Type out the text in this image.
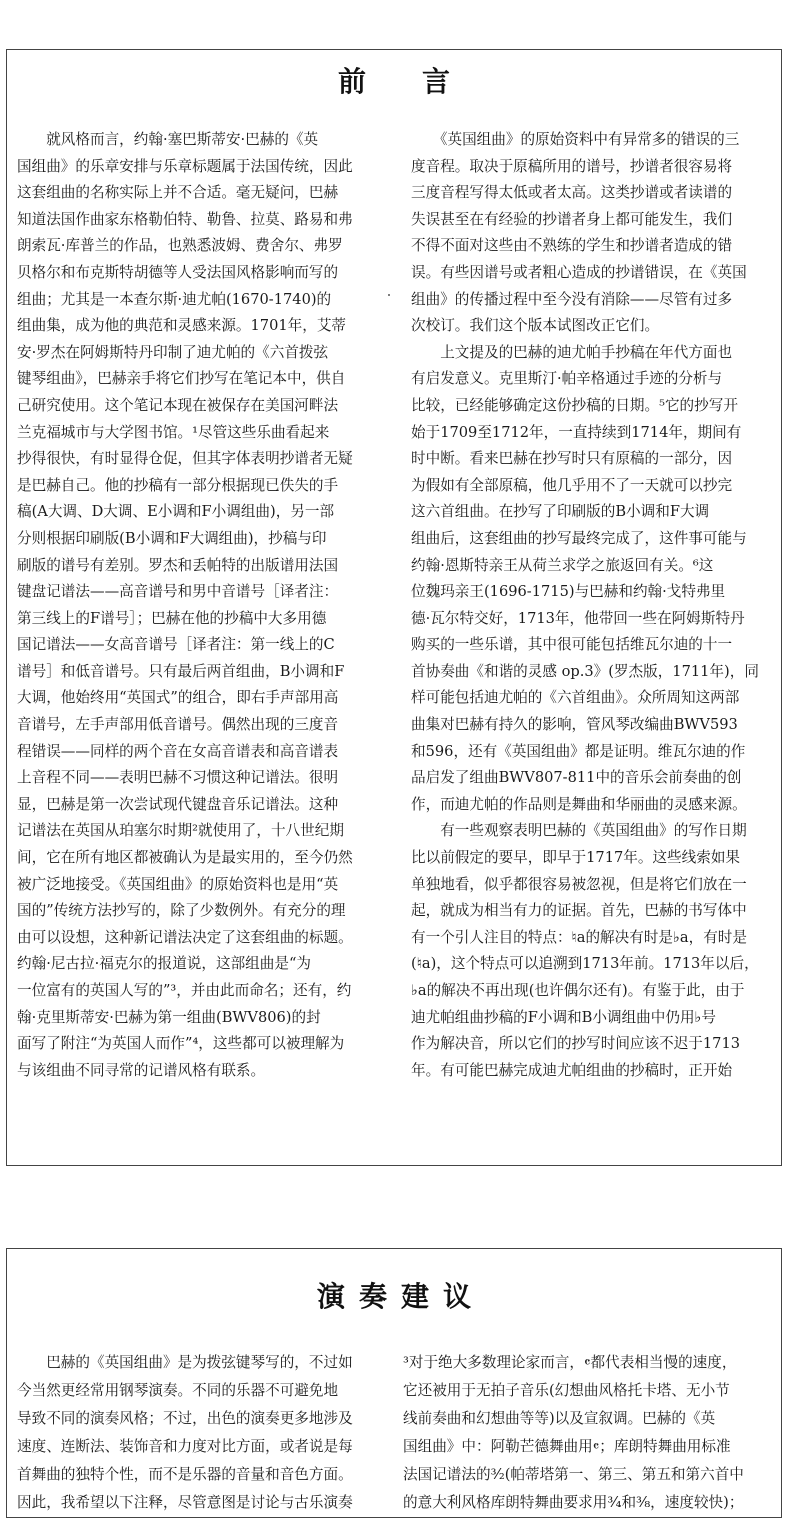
前言
　　就风格而言，约翰·塞巴斯蒂安·巴赫的《英
国组曲》的乐章安排与乐章标题属于法国传统，因此
这套组曲的名称实际上并不合适。毫无疑问，巴赫
知道法国作曲家东格勒伯特、勒鲁、拉莫、路易和弗
朗索瓦·库普兰的作品，也熟悉波姆、费舍尔、弗罗
贝格尔和布克斯特胡德等人受法国风格影响而写的
组曲；尤其是一本查尔斯·迪尤帕(1670-1740)的
组曲集，成为他的典范和灵感来源。1701年，艾蒂
安·罗杰在阿姆斯特丹印制了迪尤帕的《六首拨弦
键琴组曲》，巴赫亲手将它们抄写在笔记本中，供自
己研究使用。这个笔记本现在被保存在美国河畔法
兰克福城市与大学图书馆。¹尽管这些乐曲看起来
抄得很快，有时显得仓促，但其字体表明抄谱者无疑
是巴赫自己。他的抄稿有一部分根据现已佚失的手
稿(A大调、D大调、E小调和F小调组曲)，另一部
分则根据印刷版(B小调和F大调组曲)，抄稿与印
刷版的谱号有差别。罗杰和丢帕特的出版谱用法国
键盘记谱法——高音谱号和男中音谱号［译者注：
第三线上的F谱号］；巴赫在他的抄稿中大多用德
国记谱法——女高音谱号［译者注：第一线上的C
谱号］和低音谱号。只有最后两首组曲，B小调和F
大调，他始终用“英国式”的组合，即右手声部用高
音谱号，左手声部用低音谱号。偶然出现的三度音
程错误——同样的两个音在女高音谱表和高音谱表
上音程不同——表明巴赫不习惯这种记谱法。很明
显，巴赫是第一次尝试现代键盘音乐记谱法。这种
记谱法在英国从珀塞尔时期²就使用了，十八世纪期
间，它在所有地区都被确认为是最实用的，至今仍然
被广泛地接受。《英国组曲》的原始资料也是用“英
国的”传统方法抄写的，除了少数例外。有充分的理
由可以设想，这种新记谱法决定了这套组曲的标题。
约翰·尼古拉·福克尔的报道说，这部组曲是“为
一位富有的英国人写的”³，并由此而命名；还有，约
翰·克里斯蒂安·巴赫为第一组曲(BWV806)的封
面写了附注“为英国人而作”⁴，这些都可以被理解为
与该组曲不同寻常的记谱风格有联系。
　　《英国组曲》的原始资料中有异常多的错误的三
度音程。取决于原稿所用的谱号，抄谱者很容易将
三度音程写得太低或者太高。这类抄谱或者读谱的
失误甚至在有经验的抄谱者身上都可能发生，我们
不得不面对这些由不熟练的学生和抄谱者造成的错
误。有些因谱号或者粗心造成的抄谱错误，在《英国
组曲》的传播过程中至今没有消除——尽管有过多
次校订。我们这个版本试图改正它们。
　　上文提及的巴赫的迪尤帕手抄稿在年代方面也
有启发意义。克里斯汀·帕辛格通过手迹的分析与
比较，已经能够确定这份抄稿的日期。⁵它的抄写开
始于1709至1712年，一直持续到1714年，期间有
时中断。看来巴赫在抄写时只有原稿的一部分，因
为假如有全部原稿，他几乎用不了一天就可以抄完
这六首组曲。在抄写了印刷版的B小调和F大调
组曲后，这套组曲的抄写最终完成了，这件事可能与
约翰·恩斯特亲王从荷兰求学之旅返回有关。⁶这
位魏玛亲王(1696-1715)与巴赫和约翰·戈特弗里
德·瓦尔特交好，1713年，他带回一些在阿姆斯特丹
购买的一些乐谱，其中很可能包括维瓦尔迪的十一
首协奏曲《和谐的灵感 op.3》(罗杰版，1711年)，同
样可能包括迪尤帕的《六首组曲》。众所周知这两部
曲集对巴赫有持久的影响，管风琴改编曲BWV593
和596，还有《英国组曲》都是证明。维瓦尔迪的作
品启发了组曲BWV807-811中的音乐会前奏曲的创
作，而迪尤帕的作品则是舞曲和华丽曲的灵感来源。
　　有一些观察表明巴赫的《英国组曲》的写作日期
比以前假定的要早，即早于1717年。这些线索如果
单独地看，似乎都很容易被忽视，但是将它们放在一
起，就成为相当有力的证据。首先，巴赫的书写体中
有一个引人注目的特点：♮a的解决有时是♭a，有时是
(♮a)，这个特点可以追溯到1713年前。1713年以后，
♭a的解决不再出现(也许偶尔还有)。有鉴于此，由于
迪尤帕组曲抄稿的F小调和B小调组曲中仍用♭号
作为解决音，所以它们的抄写时间应该不迟于1713
年。有可能巴赫完成迪尤帕组曲的抄稿时，正开始
演奏建议
　　巴赫的《英国组曲》是为拨弦键琴写的，不过如
今当然更经常用钢琴演奏。不同的乐器不可避免地
导致不同的演奏风格；不过，出色的演奏更多地涉及
速度、连断法、装饰音和力度对比方面，或者说是每
首舞曲的独特个性，而不是乐器的音量和音色方面。
因此，我希望以下注释，尽管意图是讨论与古乐演奏
³对于绝大多数理论家而言，𝄴都代表相当慢的速度，
它还被用于无拍子音乐(幻想曲风格托卡塔、无小节
线前奏曲和幻想曲等等)以及宣叙调。巴赫的《英
国组曲》中：阿勒芒德舞曲用𝄴；库朗特舞曲用标准
法国记谱法的³⁄₂(帕蒂塔第一、第三、第五和第六首中
的意大利风格库朗特舞曲要求用³⁄₄和³⁄₈，速度较快)；
